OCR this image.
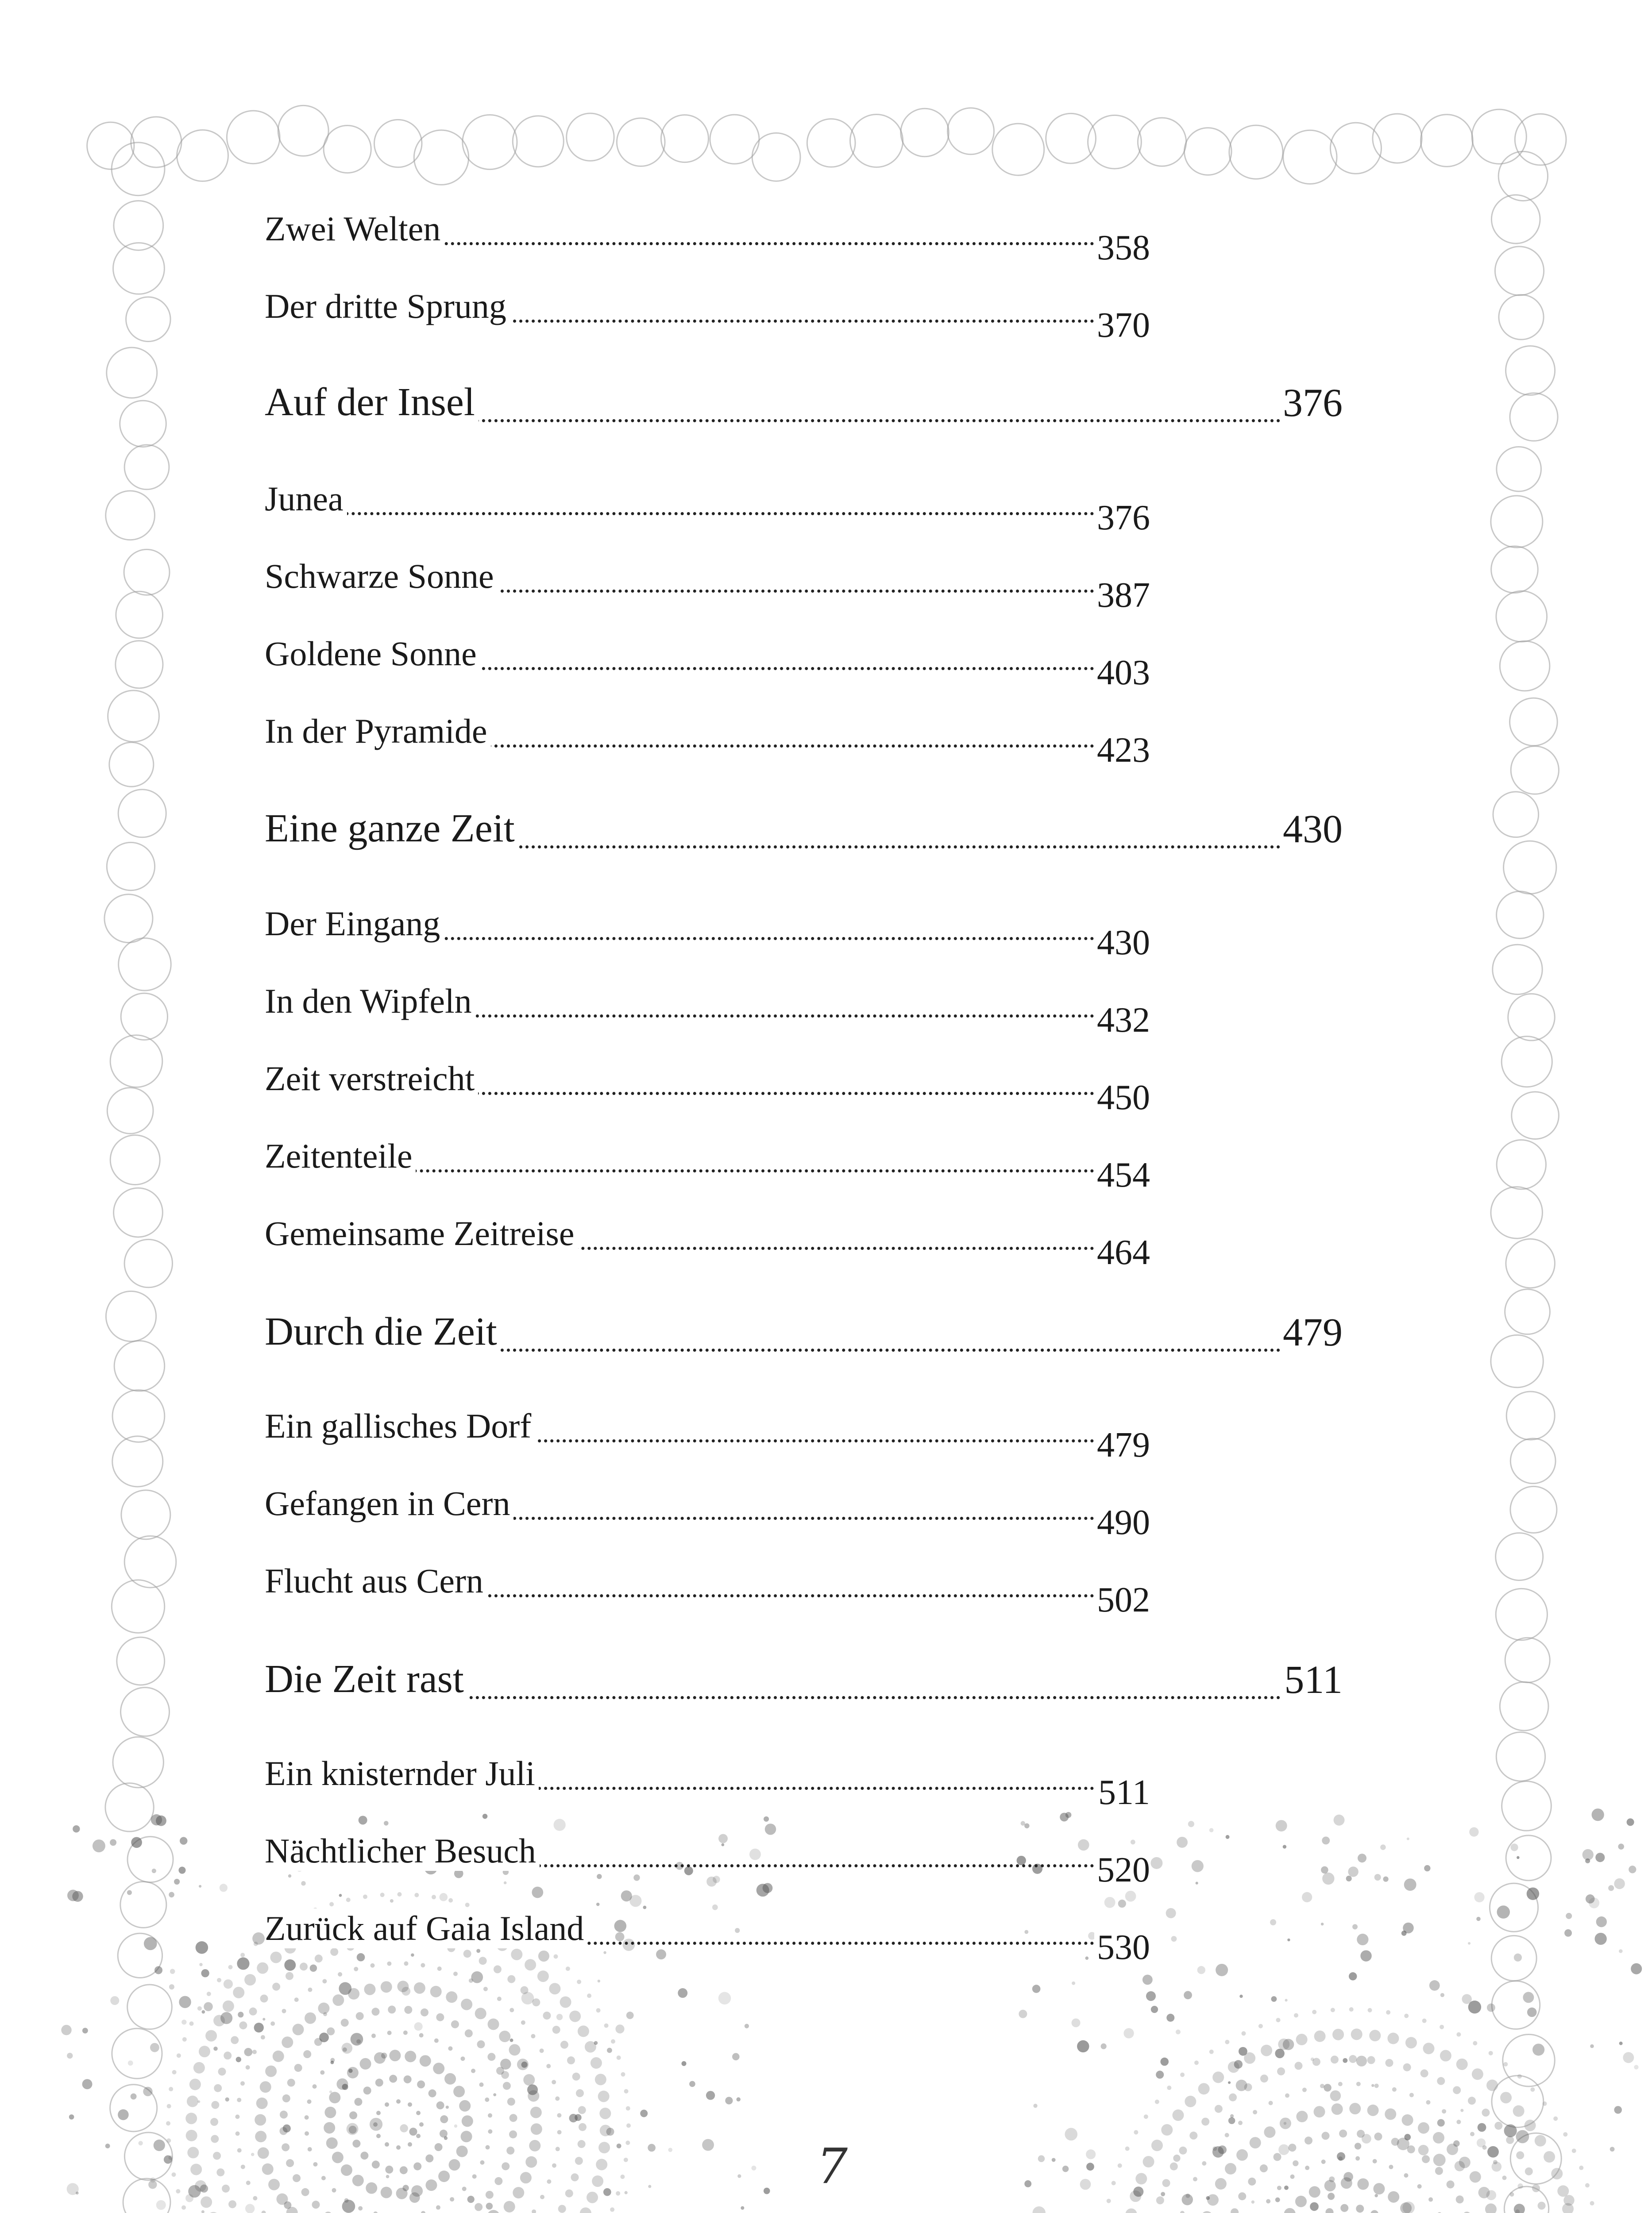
Zwei Welten	358
Der dritte Sprung	370
Auf der Insel	376
Junea	376
Schwarze Sonne	387
Goldene Sonne	403
In der Pyramide	423
Eine ganze Zeit	430
Der Eingang	430
In den Wipfeln	432
Zeit verstreicht	450
Zeitenteile	454
Gemeinsame Zeitreise	464
Durch die Zeit	479
Ein gallisches Dorf	479
Gefangen in Cern	490
Flucht aus Cern	502
Die Zeit rast	511
Ein knisternder Juli	511
Nächtlicher Besuch	520
Zurück auf Gaia Island	530
7
